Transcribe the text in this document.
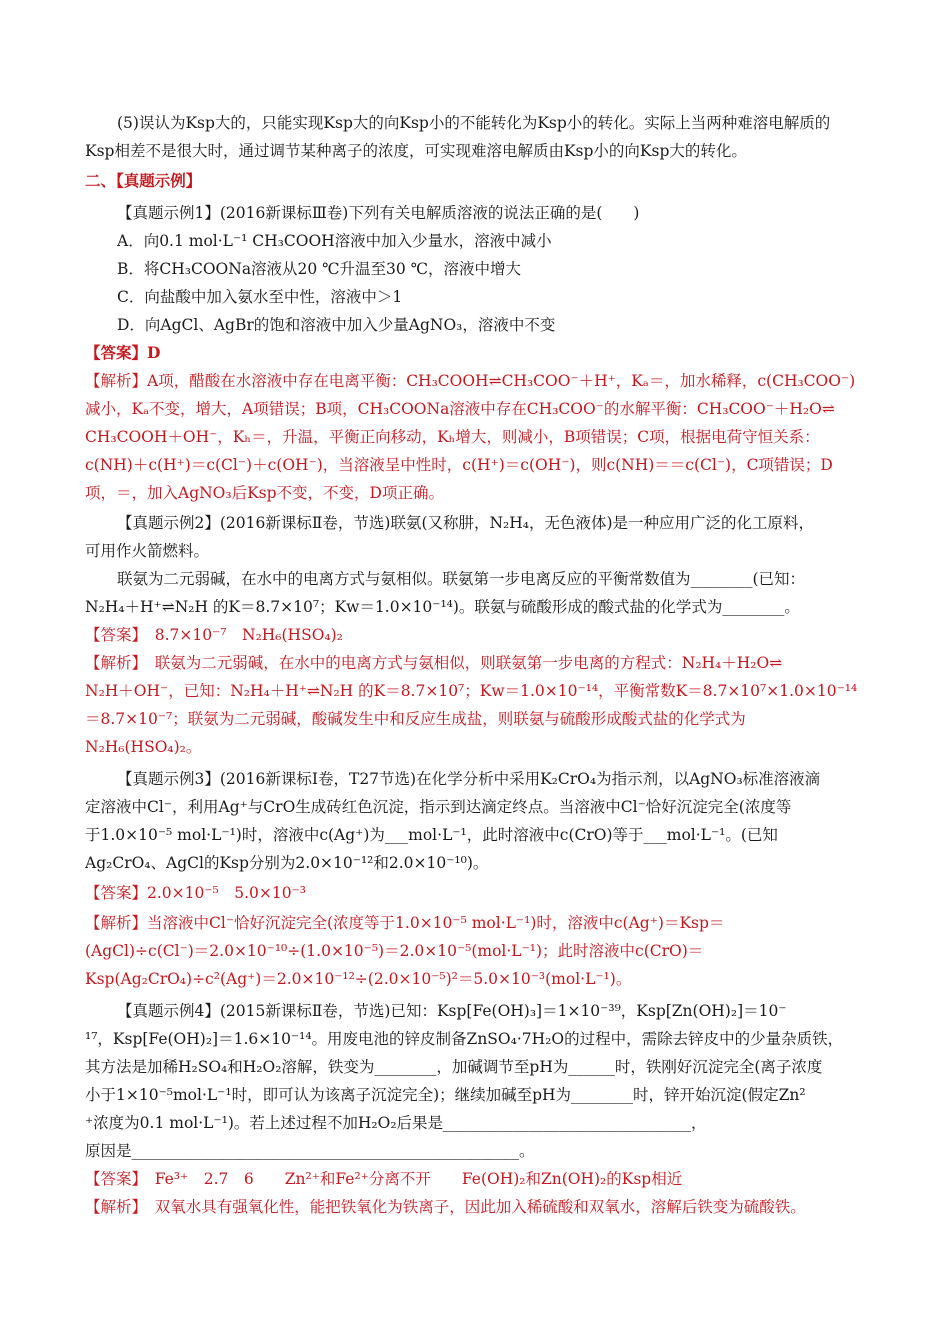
(5)误认为Ksp大的，只能实现Ksp大的向Ksp小的不能转化为Ksp小的转化。实际上当两种难溶电解质的
Ksp相差不是很大时，通过调节某种离子的浓度，可实现难溶电解质由Ksp小的向Ksp大的转化。
二、【真题示例】
【真题示例1】(2016新课标Ⅲ卷)下列有关电解质溶液的说法正确的是(　　)
A．向0.1 mol·L⁻¹ CH₃COOH溶液中加入少量水，溶液中减小
B．将CH₃COONa溶液从20 ℃升温至30 ℃，溶液中增大
C．向盐酸中加入氨水至中性，溶液中＞1
D．向AgCl、AgBr的饱和溶液中加入少量AgNO₃，溶液中不变
【答案】D
【解析】A项，醋酸在水溶液中存在电离平衡：CH₃COOH⇌CH₃COO⁻＋H⁺，Kₐ＝，加水稀释，c(CH₃COO⁻)
减小，Kₐ不变，增大，A项错误；B项，CH₃COONa溶液中存在CH₃COO⁻的水解平衡：CH₃COO⁻＋H₂O⇌
CH₃COOH＋OH⁻，Kₕ＝，升温，平衡正向移动，Kₕ增大，则减小，B项错误；C项，根据电荷守恒关系：
c(NH)＋c(H⁺)＝c(Cl⁻)＋c(OH⁻)，当溶液呈中性时，c(H⁺)＝c(OH⁻)，则c(NH)＝＝c(Cl⁻)，C项错误；D
项，＝，加入AgNO₃后Ksp不变，不变，D项正确。
【真题示例2】(2016新课标Ⅱ卷，节选)联氨(又称肼，N₂H₄，无色液体)是一种应用广泛的化工原料，
可用作火箭燃料。
联氨为二元弱碱，在水中的电离方式与氨相似。联氨第一步电离反应的平衡常数值为________(已知：
N₂H₄＋H⁺⇌N₂H 的K＝8.7×10⁷；Kw＝1.0×10⁻¹⁴)。联氨与硫酸形成的酸式盐的化学式为________。
【答案】　8.7×10⁻⁷　N₂H₆(HSO₄)₂
【解析】　联氨为二元弱碱，在水中的电离方式与氨相似，则联氨第一步电离的方程式：N₂H₄＋H₂O⇌
N₂H＋OH⁻，已知：N₂H₄＋H⁺⇌N₂H 的K＝8.7×10⁷；Kw＝1.0×10⁻¹⁴，平衡常数K＝8.7×10⁷×1.0×10⁻¹⁴
＝8.7×10⁻⁷；联氨为二元弱碱，酸碱发生中和反应生成盐，则联氨与硫酸形成酸式盐的化学式为
N₂H₆(HSO₄)₂。
【真题示例3】(2016新课标Ⅰ卷，T27节选)在化学分析中采用K₂CrO₄为指示剂，以AgNO₃标准溶液滴
定溶液中Cl⁻，利用Ag⁺与CrO生成砖红色沉淀，指示到达滴定终点。当溶液中Cl⁻恰好沉淀完全(浓度等
于1.0×10⁻⁵ mol·L⁻¹)时，溶液中c(Ag⁺)为___mol·L⁻¹，此时溶液中c(CrO)等于___mol·L⁻¹。(已知
Ag₂CrO₄、AgCl的Ksp分别为2.0×10⁻¹²和2.0×10⁻¹⁰)。
【答案】2.0×10⁻⁵　5.0×10⁻³
【解析】当溶液中Cl⁻恰好沉淀完全(浓度等于1.0×10⁻⁵ mol·L⁻¹)时，溶液中c(Ag⁺)＝Ksp＝
(AgCl)÷c(Cl⁻)＝2.0×10⁻¹⁰÷(1.0×10⁻⁵)＝2.0×10⁻⁵(mol·L⁻¹)；此时溶液中c(CrO)＝
Ksp(Ag₂CrO₄)÷c²(Ag⁺)＝2.0×10⁻¹²÷(2.0×10⁻⁵)²＝5.0×10⁻³(mol·L⁻¹)。
【真题示例4】(2015新课标Ⅱ卷，节选)已知：Ksp[Fe(OH)₃]＝1×10⁻³⁹，Ksp[Zn(OH)₂]＝10⁻
¹⁷，Ksp[Fe(OH)₂]＝1.6×10⁻¹⁴。用废电池的锌皮制备ZnSO₄·7H₂O的过程中，需除去锌皮中的少量杂质铁，
其方法是加稀H₂SO₄和H₂O₂溶解，铁变为________，加碱调节至pH为______时，铁刚好沉淀完全(离子浓度
小于1×10⁻⁵mol·L⁻¹时，即可认为该离子沉淀完全)；继续加碱至pH为________时，锌开始沉淀(假定Zn²
⁺浓度为0.1 mol·L⁻¹)。若上述过程不加H₂O₂后果是________________________________，
原因是__________________________________________________。
【答案】　Fe³⁺　2.7　6　　Zn²⁺和Fe²⁺分离不开　　Fe(OH)₂和Zn(OH)₂的Ksp相近
【解析】　双氧水具有强氧化性，能把铁氧化为铁离子，因此加入稀硫酸和双氧水，溶解后铁变为硫酸铁。
